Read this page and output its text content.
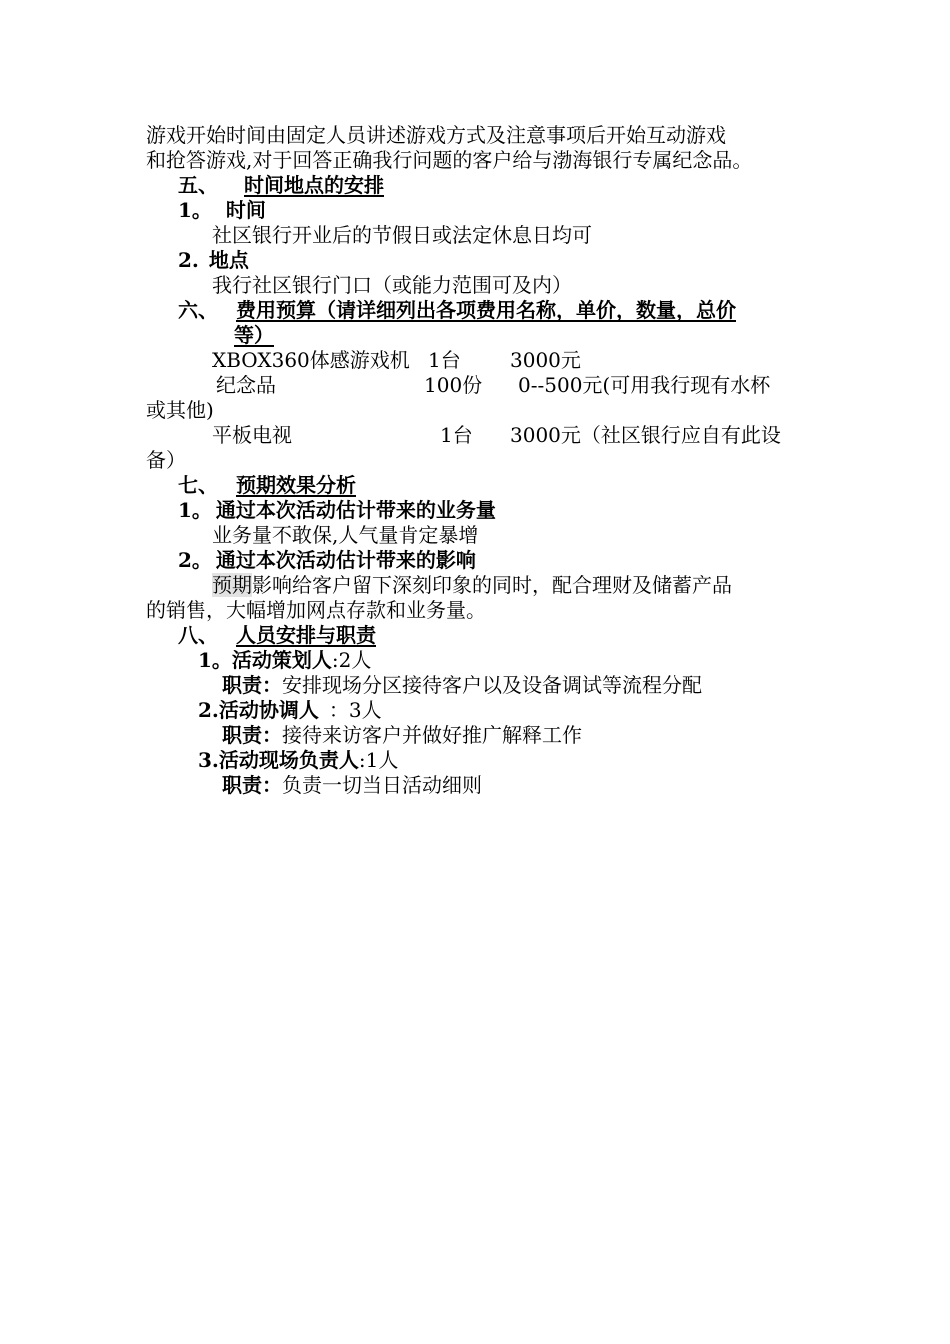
游戏开始时间由固定人员讲述游戏方式及注意事项后开始互动游戏
和抢答游戏,对于回答正确我行问题的客户给与渤海银行专属纪念品。
五、 时间地点的安排
1。 时间
社区银行开业后的节假日或法定休息日均可
2. 地点
我行社区银行门口（或能力范围可及内）
六、 费用预算（请详细列出各项费用名称，单价，数量，总价
等）
XBOX360体感游戏机 1台 3000元
纪念品	100份 0--500元(可用我行现有水杯
或其他)
平板电视	1台 3000元（社区银行应自有此设
备）
七、 预期效果分析
1。 通过本次活动估计带来的业务量
业务量不敢保,人气量肯定暴增
2。 通过本次活动估计带来的影响
预期影响给客户留下深刻印象的同时，配合理财及储蓄产品
的销售，大幅增加网点存款和业务量。
八、 人员安排与职责
1。活动策划人:2人
职责：安排现场分区接待客户以及设备调试等流程分配
2.活动协调人 ：3人
职责：接待来访客户并做好推广解释工作
3.活动现场负责人:1人
职责：负责一切当日活动细则
